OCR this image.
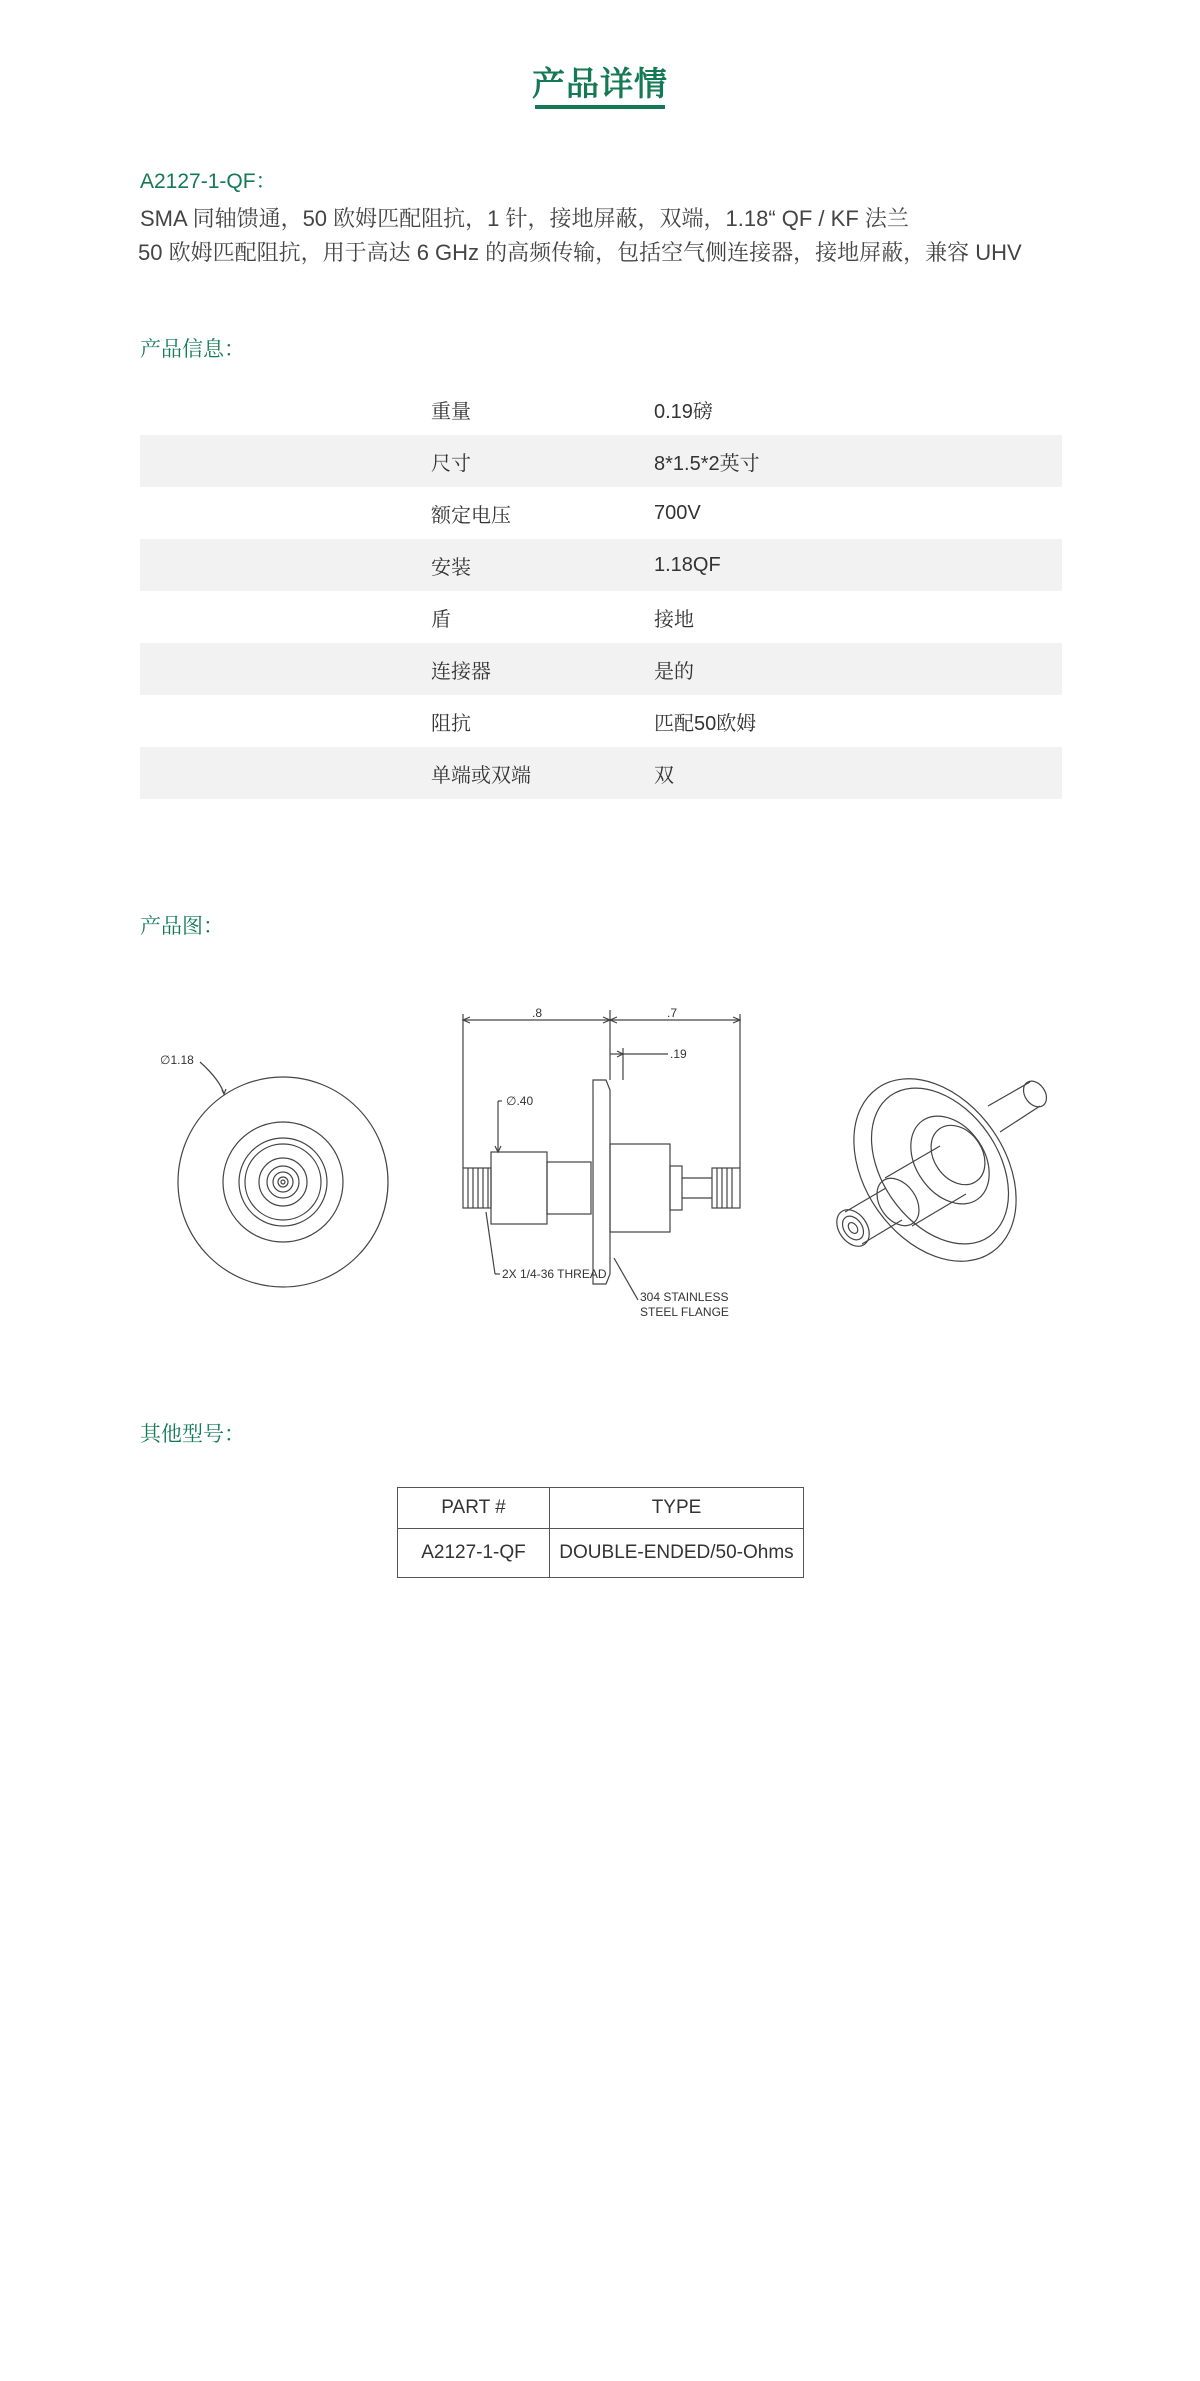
产品详情
A2127-1-QF：
SMA 同轴馈通，50 欧姆匹配阻抗，1 针，接地屏蔽，双端，1.18“ QF / KF 法兰
50 欧姆匹配阻抗，用于高达 6 GHz 的高频传输，包括空气侧连接器，接地屏蔽，兼容 UHV
产品信息：
重量	0.19磅
尺寸	8*1.5*2英寸
额定电压	700V
安装	1.18QF
盾	接地
连接器	是的
阻抗	匹配50欧姆
单端或双端	双
产品图：
∅1.18
.8	.7
.19
∅.40
2X 1/4-36 THREAD
304 STAINLESS
STEEL FLANGE
其他型号：
PART #	TYPE
A2127-1-QF	DOUBLE-ENDED/50-Ohms
